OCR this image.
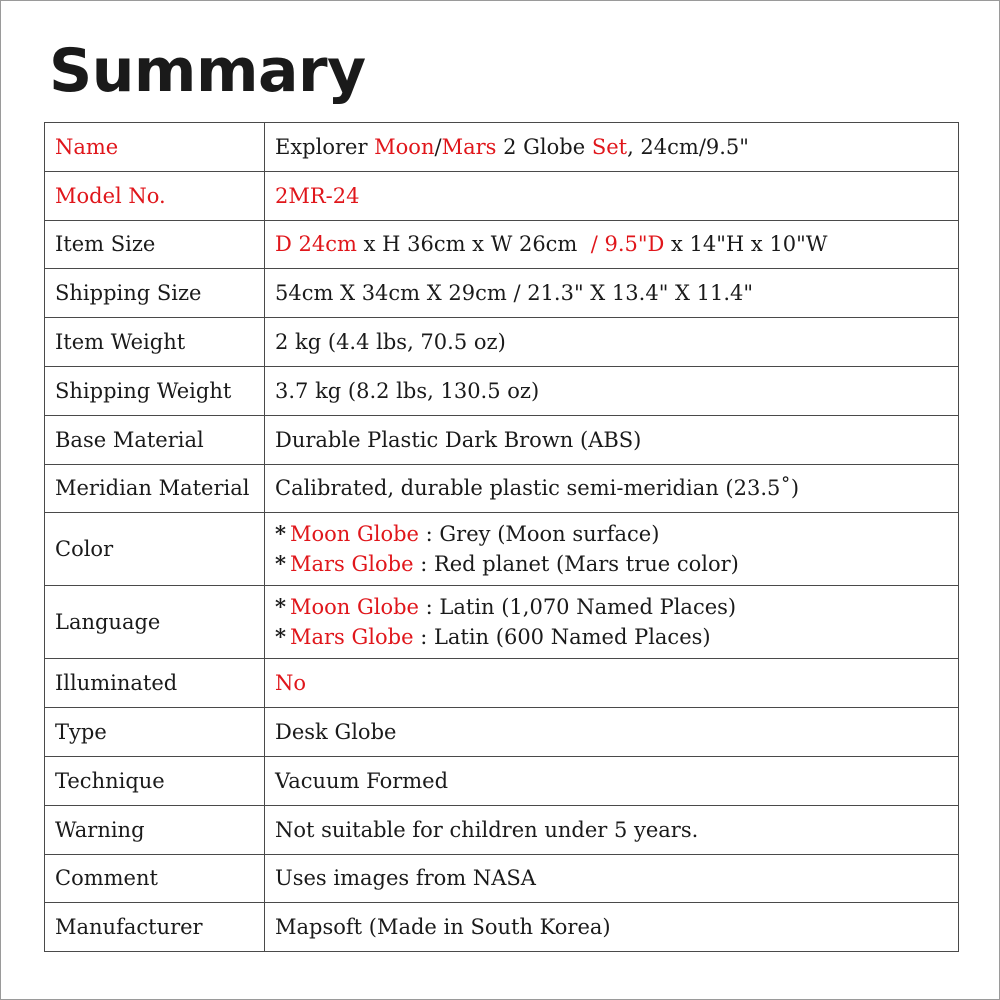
Summary
Name	Explorer Moon/Mars 2 Globe Set, 24cm/9.5"
Model No.	2MR-24
Item Size	D 24cm x H 36cm x W 26cm  / 9.5"D x 14"H x 10"W
Shipping Size	54cm X 34cm X 29cm / 21.3" X 13.4" X 11.4"
Item Weight	2 kg (4.4 lbs, 70.5 oz)
Shipping Weight	3.7 kg (8.2 lbs, 130.5 oz)
Base Material	Durable Plastic Dark Brown (ABS)
Meridian Material	Calibrated, durable plastic semi-meridian (23.5˚)
Color	* Moon Globe : Grey (Moon surface)
* Mars Globe : Red planet (Mars true color)

Language	* Moon Globe : Latin (1,070 Named Places)
* Mars Globe : Latin (600 Named Places)

Illuminated	No
Type	Desk Globe
Technique	Vacuum Formed
Warning	Not suitable for children under 5 years.
Comment	Uses images from NASA
Manufacturer	Mapsoft (Made in South Korea)
